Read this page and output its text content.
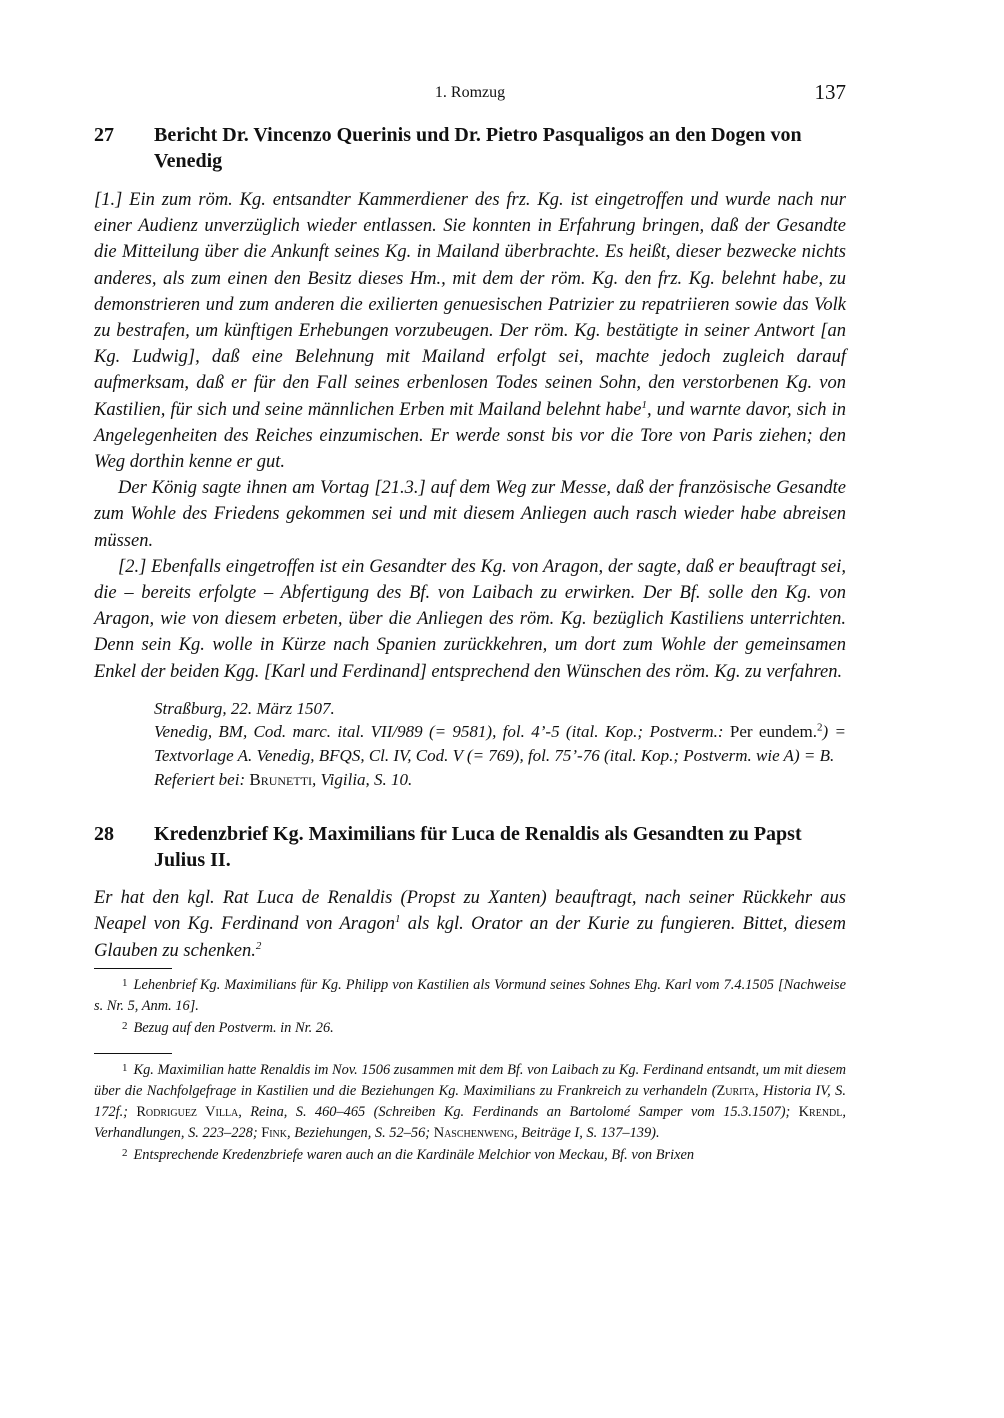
1. Romzug	137
27	Bericht Dr. Vincenzo Querinis und Dr. Pietro Pasqualigos an den Dogen von Venedig

[1.] Ein zum röm. Kg. entsandter Kammerdiener des frz. Kg. ist eingetroffen und wurde nach nur einer Audienz unverzüglich wieder entlassen. Sie konnten in Erfahrung bringen, daß der Gesandte die Mitteilung über die Ankunft seines Kg. in Mailand überbrachte. Es heißt, dieser bezwecke nichts anderes, als zum einen den Besitz dieses Hm., mit dem der röm. Kg. den frz. Kg. belehnt habe, zu demonstrieren und zum anderen die exilierten genuesischen Patrizier zu repatriieren sowie das Volk zu bestrafen, um künftigen Erhebungen vorzubeugen. Der röm. Kg. bestätigte in seiner Antwort [an Kg. Ludwig], daß eine Belehnung mit Mailand erfolgt sei, machte jedoch zugleich darauf aufmerksam, daß er für den Fall seines erbenlosen Todes seinen Sohn, den verstorbenen Kg. von Kastilien, für sich und seine männlichen Erben mit Mailand belehnt habe$^1$, und warnte davor, sich in Angelegenheiten des Reiches einzumischen. Er werde sonst bis vor die Tore von Paris ziehen; den Weg dorthin kenne er gut.

Der König sagte ihnen am Vortag [21.3.] auf dem Weg zur Messe, daß der französische Gesandte zum Wohle des Friedens gekommen sei und mit diesem Anliegen auch rasch wieder habe abreisen müssen.

[2.] Ebenfalls eingetroffen ist ein Gesandter des Kg. von Aragon, der sagte, daß er beauftragt sei, die – bereits erfolgte – Abfertigung des Bf. von Laibach zu erwirken. Der Bf. solle den Kg. von Aragon, wie von diesem erbeten, über die Anliegen des röm. Kg. bezüglich Kastiliens unterrichten. Denn sein Kg. wolle in Kürze nach Spanien zurückkehren, um dort zum Wohle der gemeinsamen Enkel der beiden Kgg. [Karl und Ferdinand] entsprechend den Wünschen des röm. Kg. zu verfahren.

Straßburg, 22. März 1507.
Venedig, BM, Cod. marc. ital. VII/989 (= 9581), fol. 4’-5 (ital. Kop.; Postverm.: Per eundem.$^2$) = Textvorlage A. Venedig, BFQS, Cl. IV, Cod. V (= 769), fol. 75’-76 (ital. Kop.; Postverm. wie A) = B.
Referiert bei: Brunetti, Vigilia, S. 10.
28	Kredenzbrief Kg. Maximilians für Luca de Renaldis als Gesandten zu Papst Julius II.

Er hat den kgl. Rat Luca de Renaldis (Propst zu Xanten) beauftragt, nach seiner Rückkehr aus Neapel von Kg. Ferdinand von Aragon$^1$ als kgl. Orator an der Kurie zu fungieren. Bittet, diesem Glauben zu schenken.$^2$

$^1$ Lehenbrief Kg. Maximilians für Kg. Philipp von Kastilien als Vormund seines Sohnes Ehg. Karl vom 7.4.1505 [Nachweise s. Nr. 5, Anm. 16].

$^2$ Bezug auf den Postverm. in Nr. 26.

$^1$ Kg. Maximilian hatte Renaldis im Nov. 1506 zusammen mit dem Bf. von Laibach zu Kg. Ferdinand entsandt, um mit diesem über die Nachfolgefrage in Kastilien und die Beziehungen Kg. Maximilians zu Frankreich zu verhandeln (Zurita, Historia IV, S. 172f.; Rodriguez Villa, Reina, S. 460–465 (Schreiben Kg. Ferdinands an Bartolomé Samper vom 15.3.1507); Krendl, Verhandlungen, S. 223–228; Fink, Beziehungen, S. 52–56; Naschenweng, Beiträge I, S. 137–139).

$^2$ Entsprechende Kredenzbriefe waren auch an die Kardinäle Melchior von Meckau, Bf. von Brixen
